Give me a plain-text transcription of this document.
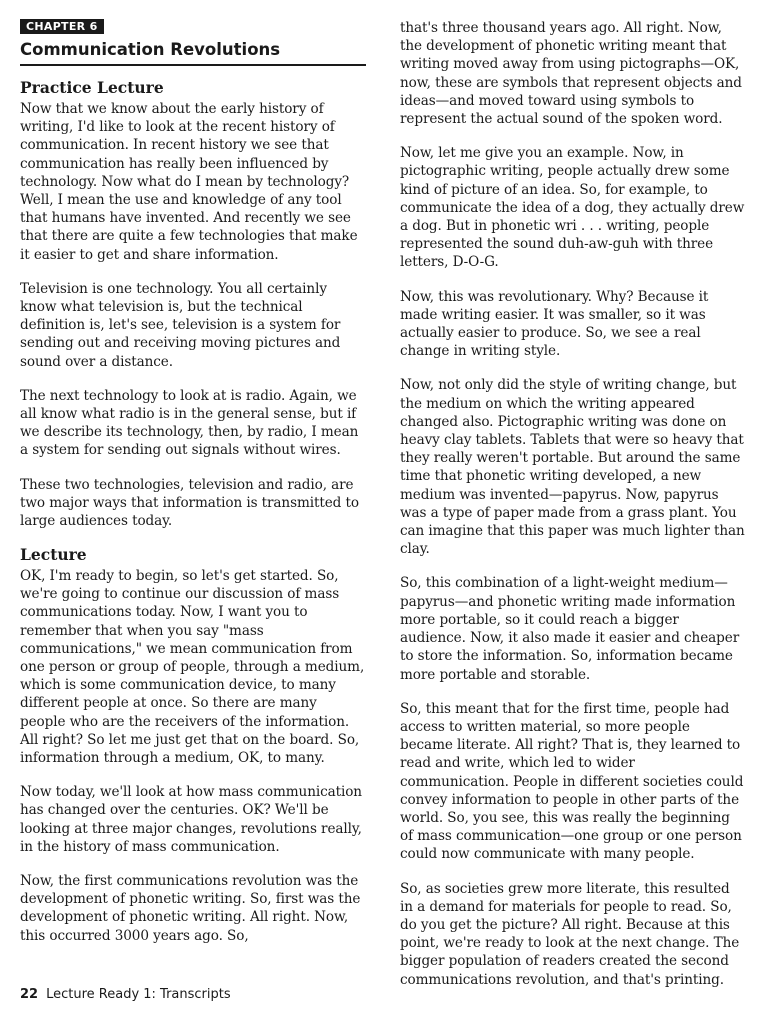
CHAPTER 6
Communication Revolutions
Practice Lecture

Now that we know about the early history of writing, I'd like to look at the recent history of communication. In recent history we see that communication has really been influenced by technology. Now what do I mean by technology? Well, I mean the use and knowledge of any tool that humans have invented. And recently we see that there are quite a few technologies that make it easier to get and share information.

Television is one technology. You all certainly know what television is, but the technical definition is, let's see, television is a system for sending out and receiving moving pictures and sound over a distance.

The next technology to look at is radio. Again, we all know what radio is in the general sense, but if we describe its technology, then, by radio, I mean a system for sending out signals without wires.

These two technologies, television and radio, are two major ways that information is transmitted to large audiences today.

Lecture

OK, I'm ready to begin, so let's get started. So, we're going to continue our discussion of mass communications today. Now, I want you to remember that when you say "mass communications," we mean communication from one person or group of people, through a medium, which is some communication device, to many different people at once. So there are many people who are the receivers of the information. All right? So let me just get that on the board. So, information through a medium, OK, to many.

Now today, we'll look at how mass communication has changed over the centuries. OK? We'll be looking at three major changes, revolutions really, in the history of mass communication.

Now, the first communications revolution was the development of phonetic writing. So, first was the development of phonetic writing. All right. Now, this occurred 3000 years ago. So,

that's three thousand years ago. All right. Now, the development of phonetic writing meant that writing moved away from using pictographs—OK, now, these are symbols that represent objects and ideas—and moved toward using symbols to represent the actual sound of the spoken word.

Now, let me give you an example. Now, in pictographic writing, people actually drew some kind of picture of an idea. So, for example, to communicate the idea of a dog, they actually drew a dog. But in phonetic wri . . . writing, people represented the sound duh-aw-guh with three letters, D-O-G.

Now, this was revolutionary. Why? Because it made writing easier. It was smaller, so it was actually easier to produce. So, we see a real change in writing style.

Now, not only did the style of writing change, but the medium on which the writing appeared changed also. Pictographic writing was done on heavy clay tablets. Tablets that were so heavy that they really weren't portable. But around the same time that phonetic writing developed, a new medium was invented—papyrus. Now, papyrus was a type of paper made from a grass plant. You can imagine that this paper was much lighter than clay.

So, this combination of a light-weight medium—papyrus—and phonetic writing made information more portable, so it could reach a bigger audience. Now, it also made it easier and cheaper to store the information. So, information became more portable and storable.

So, this meant that for the first time, people had access to written material, so more people became literate. All right? That is, they learned to read and write, which led to wider communication. People in different societies could convey information to people in other parts of the world. So, you see, this was really the beginning of mass communication—one group or one person could now communicate with many people.

So, as societies grew more literate, this resulted in a demand for materials for people to read. So, do you get the picture? All right. Because at this point, we're ready to look at the next change. The bigger population of readers created the second communications revolution, and that's printing.

22 Lecture Ready 1: Transcripts
